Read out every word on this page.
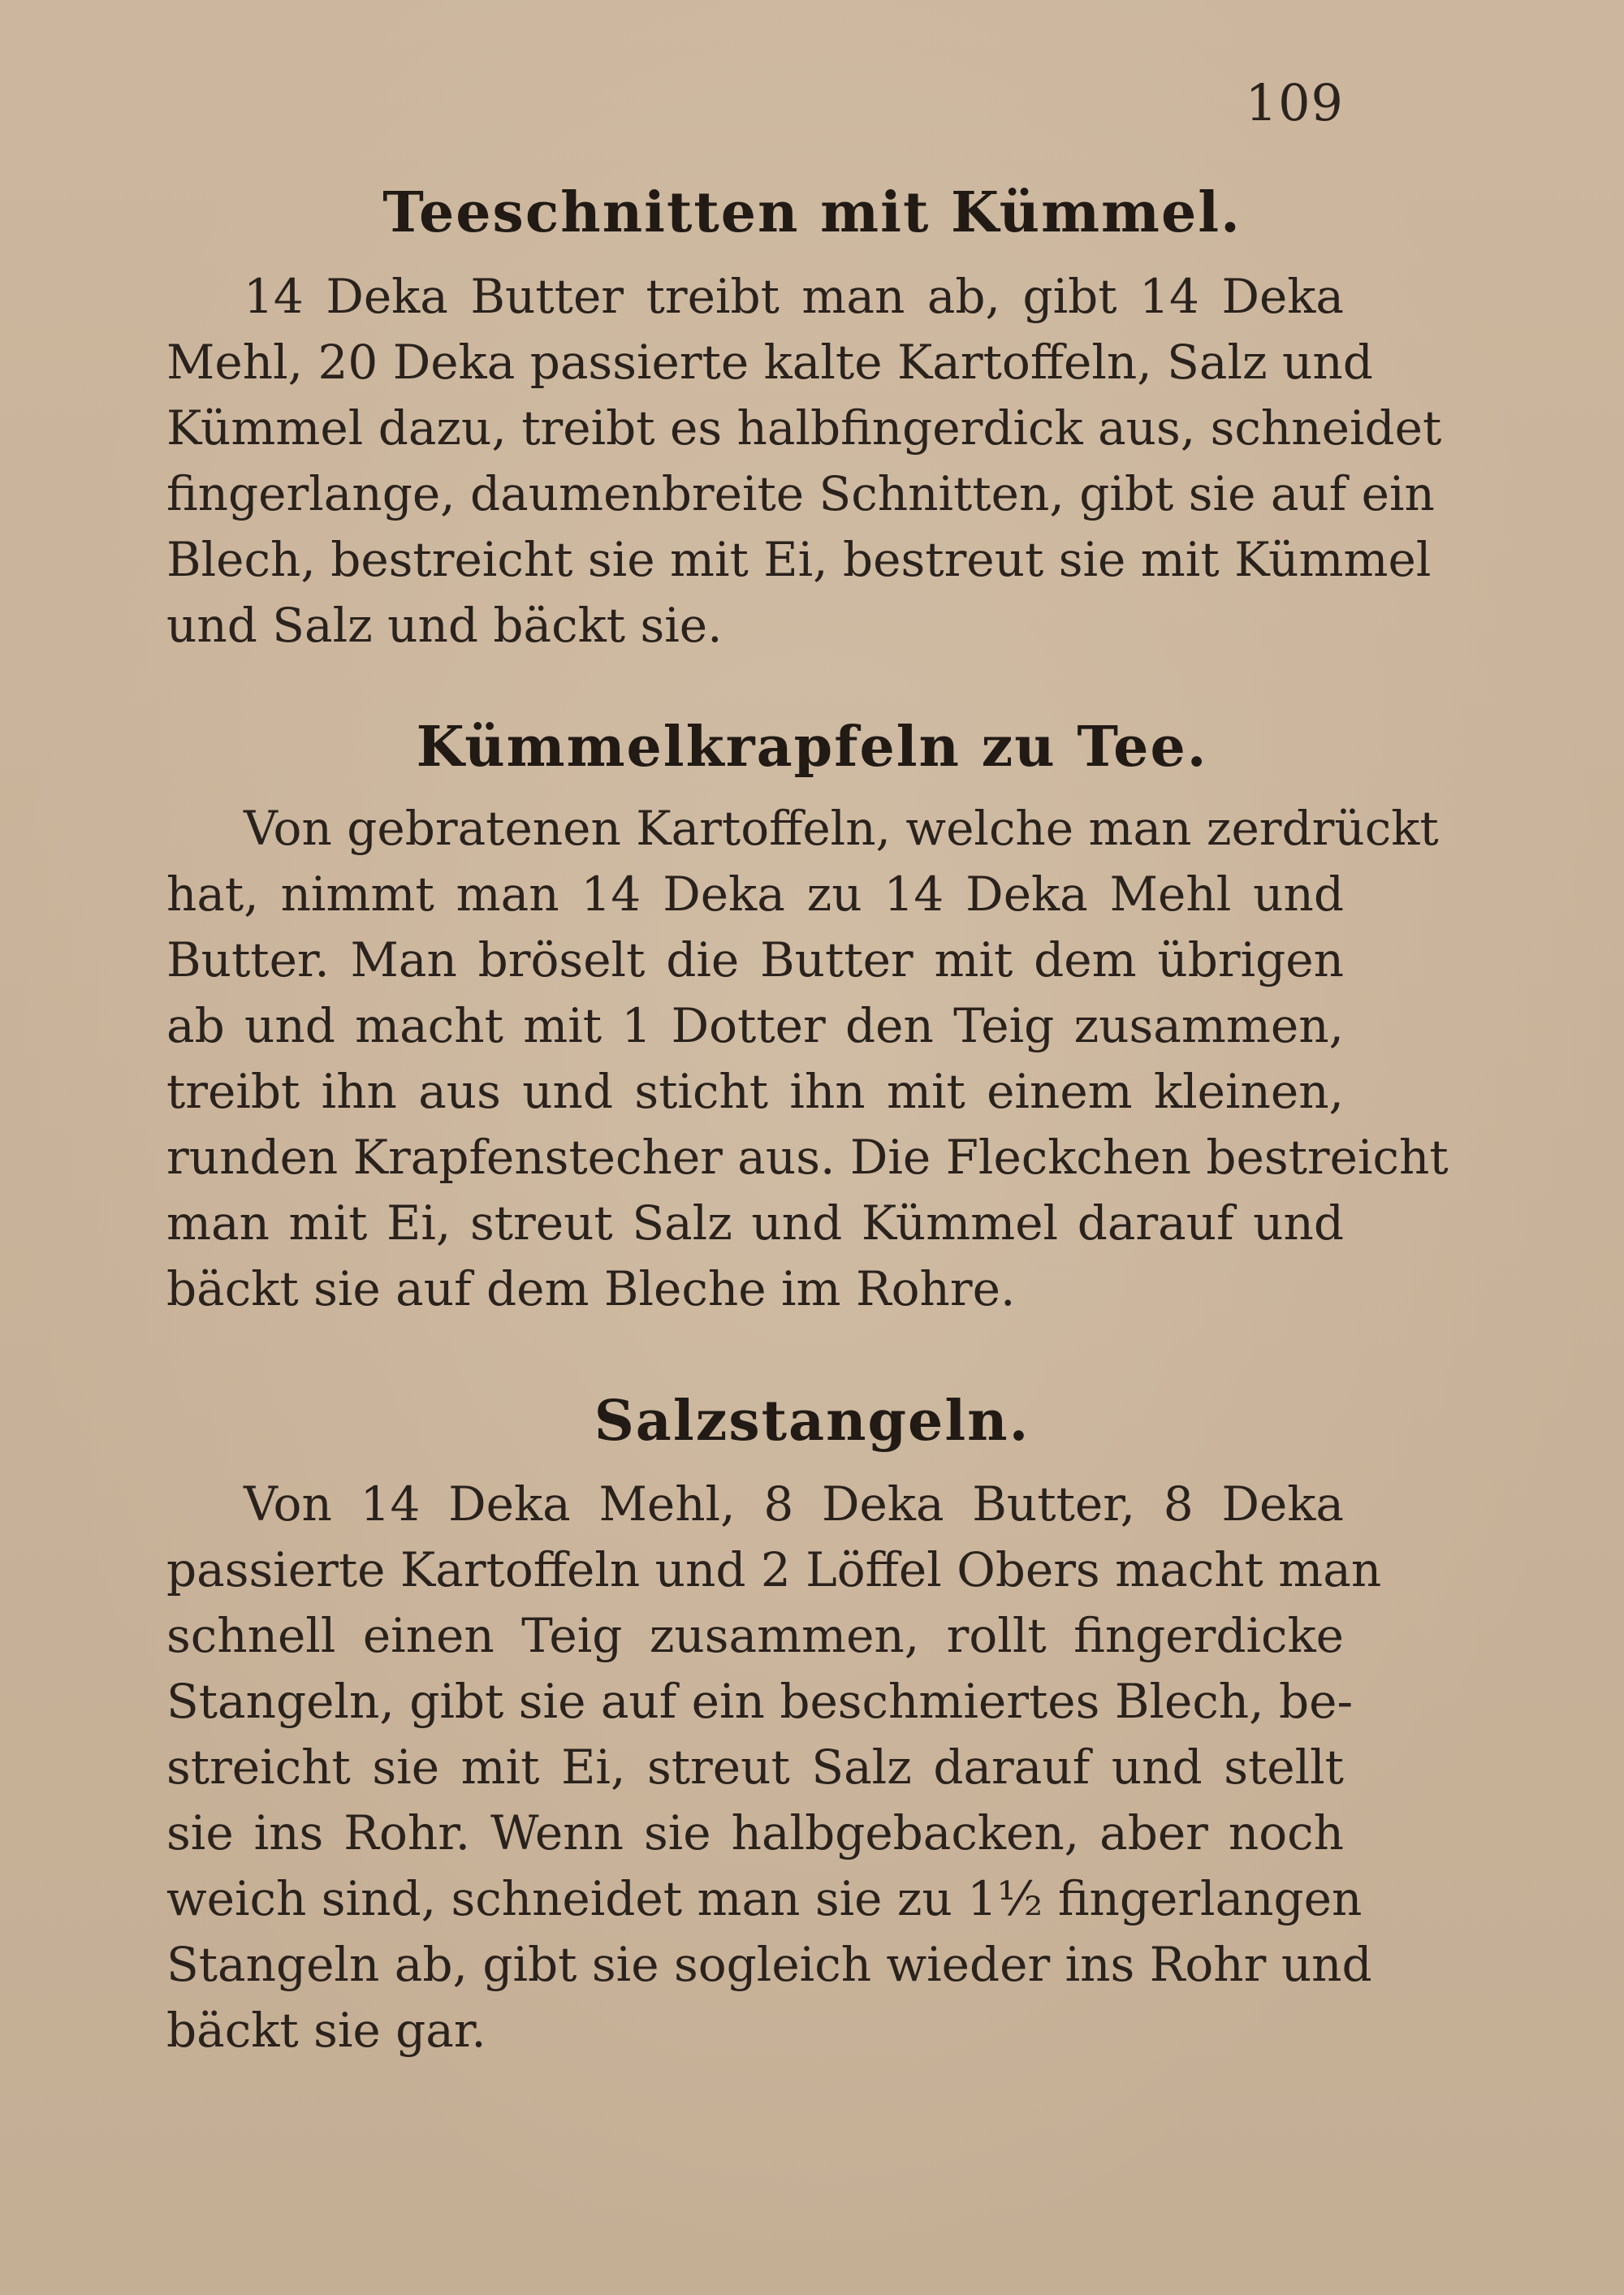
109
Teeschnitten mit Kümmel.
14 Deka Butter treibt man ab, gibt 14 Deka
Mehl, 20 Deka passierte kalte Kartoffeln, Salz und
Kümmel dazu, treibt es halbfingerdick aus, schneidet
fingerlange, daumenbreite Schnitten, gibt sie auf ein
Blech, bestreicht sie mit Ei, bestreut sie mit Kümmel
und Salz und bäckt sie.
Kümmelkrapfeln zu Tee.
Von gebratenen Kartoffeln, welche man zerdrückt
hat, nimmt man 14 Deka zu 14 Deka Mehl und
Butter. Man bröselt die Butter mit dem übrigen
ab und macht mit 1 Dotter den Teig zusammen,
treibt ihn aus und sticht ihn mit einem kleinen,
runden Krapfenstecher aus. Die Fleckchen bestreicht
man mit Ei, streut Salz und Kümmel darauf und
bäckt sie auf dem Bleche im Rohre.
Salzstangeln.
Von 14 Deka Mehl, 8 Deka Butter, 8 Deka
passierte Kartoffeln und 2 Löffel Obers macht man
schnell einen Teig zusammen, rollt fingerdicke
Stangeln, gibt sie auf ein beschmiertes Blech, be-
streicht sie mit Ei, streut Salz darauf und stellt
sie ins Rohr. Wenn sie halbgebacken, aber noch
weich sind, schneidet man sie zu 1½ fingerlangen
Stangeln ab, gibt sie sogleich wieder ins Rohr und
bäckt sie gar.
